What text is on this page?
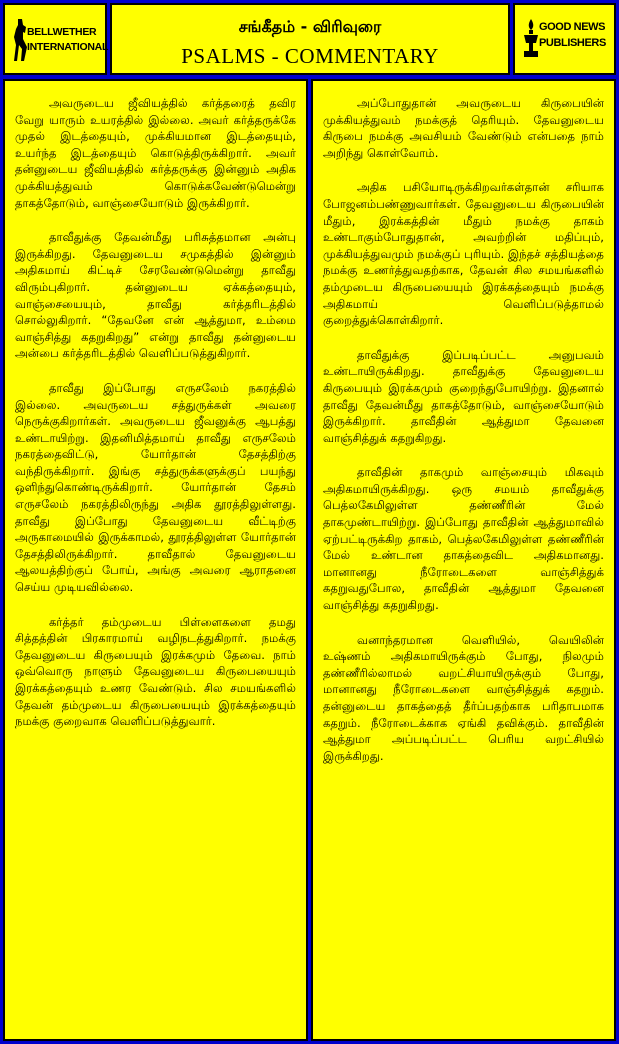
BELLWETHER
INTERNATIONAL
சங்கீதம் - விரிவுரை
PSALMS - COMMENTARY
GOOD NEWS
PUBLISHERS

அவருடைய ஜீவியத்தில் கர்த்தரைத் தவிர வேறு யாரும் உயரத்தில் இல்லை. அவர் கர்த்தருக்கே முதல் இடத்தையும், முக்கியமான இடத்தையும், உயர்ந்த இடத்தையும் கொடுத்திருக்கிறார். அவர் தன்னுடைய ஜீவியத்தில் கர்த்தருக்கு இன்னும் அதிக முக்கியத்துவம் கொடுக்கவேண்டுமென்று தாகத்தோடும், வாஞ்சையோடும் இருக்கிறார்.

தாவீதுக்கு தேவன்மீது பரிசுத்தமான அன்பு இருக்கிறது. தேவனுடைய சமுகத்தில் இன்னும் அதிகமாய் கிட்டிச் சேரவேண்டுமென்று தாவீது விரும்புகிறார். தன்னுடைய ஏக்கத்தையும், வாஞ்சையையும், தாவீது கர்த்தரிடத்தில் சொல்லுகிறார். “தேவனே என் ஆத்துமா, உம்மை வாஞ்சித்து கதறுகிறது” என்று தாவீது தன்னுடைய அன்பை கர்த்தரிடத்தில் வெளிப்படுத்துகிறார்.

தாவீது இப்போது எருசலேம் நகரத்தில் இல்லை. அவருடைய சத்துருக்கள் அவரை நெருக்குகிறார்கள். அவருடைய ஜீவனுக்கு ஆபத்து உண்டாயிற்று. இதனிமித்தமாய் தாவீது எருசலேம் நகரத்தைவிட்டு, யோர்தான் தேசத்திற்கு வந்திருக்கிறார். இங்கு சத்துருக்களுக்குப் பயந்து ஒளிந்துகொண்டிருக்கிறார். யோர்தான் தேசம் எருசலேம் நகரத்திலிருந்து அதிக தூரத்திலுள்ளது. தாவீது இப்போது தேவனுடைய வீட்டிற்கு அருகாமையில் இருக்காமல், தூரத்திலுள்ள யோர்தான் தேசத்திலிருக்கிறார். தாவீதால் தேவனுடைய ஆலயத்திற்குப் போய், அங்கு அவரை ஆராதனை செய்ய முடியவில்லை.

கர்த்தர் தம்முடைய பிள்ளைகளை தமது சித்தத்தின் பிரகாரமாய் வழிநடத்துகிறார். நமக்கு தேவனுடைய கிருபையும் இரக்கமும் தேவை. நாம் ஒவ்வொரு நாளும் தேவனுடைய கிருபையையும் இரக்கத்தையும் உணர வேண்டும். சில சமயங்களில் தேவன் தம்முடைய கிருபையையும் இரக்கத்தையும் நமக்கு குறைவாக வெளிப்படுத்துவார்.

அப்போதுதான் அவருடைய கிருபையின் முக்கியத்துவம் நமக்குத் தெரியும். தேவனுடைய கிருபை நமக்கு அவசியம் வேண்டும் என்பதை நாம் அறிந்து கொள்வோம்.

அதிக பசியோடிருக்கிறவர்கள்தான் சரியாக போஜனம்பண்ணுவார்கள். தேவனுடைய கிருபையின் மீதும், இரக்கத்தின் மீதும் நமக்கு தாகம் உண்டாகும்போதுதான், அவற்றின் மதிப்பும், முக்கியத்துவமும் நமக்குப் புரியும். இந்தச் சத்தியத்தை நமக்கு உணர்த்துவதற்காக, தேவன் சில சமயங்களில் தம்முடைய கிருபையையும் இரக்கத்தையும் நமக்கு அதிகமாய் வெளிப்படுத்தாமல் குறைத்துக்கொள்கிறார்.

தாவீதுக்கு இப்படிப்பட்ட அனுபவம் உண்டாயிருக்கிறது. தாவீதுக்கு தேவனுடைய கிருபையும் இரக்கமும் குறைந்துபோயிற்று. இதனால் தாவீது தேவன்மீது தாகத்தோடும், வாஞ்சையோடும் இருக்கிறார். தாவீதின் ஆத்துமா தேவனை வாஞ்சித்துக் கதறுகிறது.

தாவீதின் தாகமும் வாஞ்சையும் மிகவும் அதிகமாயிருக்கிறது. ஒரு சமயம் தாவீதுக்கு பெத்லகேமிலுள்ள தண்ணீரின் மேல் தாகமுண்டாயிற்று. இப்போது தாவீதின் ஆத்துமாவில் ஏற்பட்டிருக்கிற தாகம், பெத்லகேமிலுள்ள தண்ணீரின் மேல் உண்டான தாகத்தைவிட அதிகமானது. மானானது நீரோடைகளை வாஞ்சித்துக் கதறுவதுபோல, தாவீதின் ஆத்துமா தேவனை வாஞ்சித்து கதறுகிறது.

வனாந்தரமான வெளியில், வெயிலின் உஷ்ணம் அதிகமாயிருக்கும் போது, நிலமும் தண்ணீரில்லாமல் வறட்சியாயிருக்கும் போது, மானானது நீரோடைகளை வாஞ்சித்துக் கதறும். தன்னுடைய தாகத்தைத் தீர்ப்பதற்காக பரிதாபமாக கதறும். நீரோடைக்காக ஏங்கி தவிக்கும். தாவீதின் ஆத்துமா அப்படிப்பட்ட பெரிய வறட்சியில் இருக்கிறது.
